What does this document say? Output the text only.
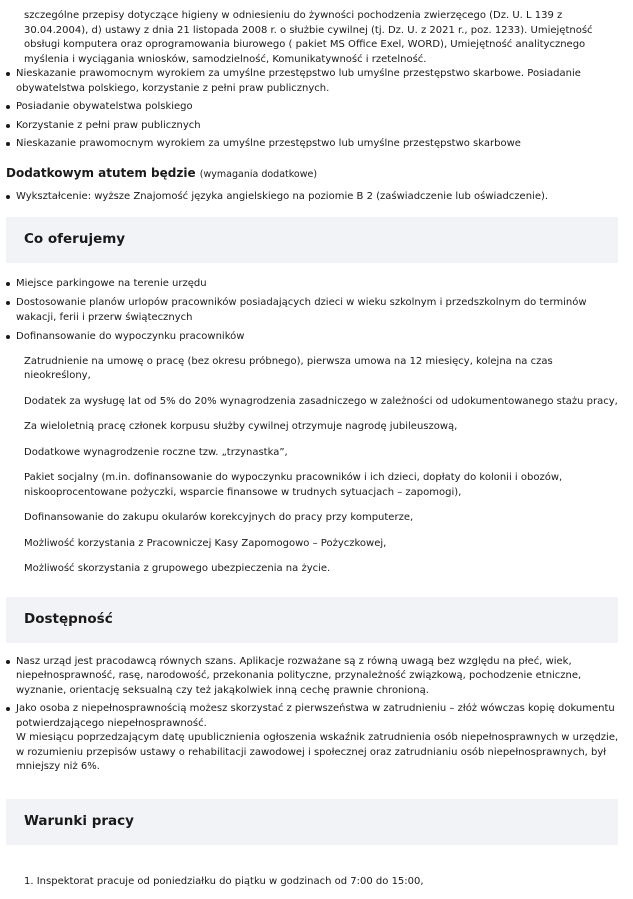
szczególne przepisy dotyczące higieny w odniesieniu do żywności pochodzenia zwierzęcego (Dz. U. L 139 z 30.04.2004), d) ustawy z dnia 21 listopada 2008 r. o służbie cywilnej (tj. Dz. U. z 2021 r., poz. 1233). Umiejętność obsługi komputera oraz oprogramowania biurowego ( pakiet MS Office Exel, WORD), Umiejętność analitycznego myślenia i wyciągania wniosków, samodzielność, Komunikatywność i rzetelność.
Nieskazanie prawomocnym wyrokiem za umyślne przestępstwo lub umyślne przestępstwo skarbowe. Posiadanie obywatelstwa polskiego, korzystanie z pełni praw publicznych.
Posiadanie obywatelstwa polskiego
Korzystanie z pełni praw publicznych
Nieskazanie prawomocnym wyrokiem za umyślne przestępstwo lub umyślne przestępstwo skarbowe
Dodatkowym atutem będzie (wymagania dodatkowe)
Wykształcenie: wyższe Znajomość języka angielskiego na poziomie B 2 (zaświadczenie lub oświadczenie).
Co oferujemy
Miejsce parkingowe na terenie urzędu
Dostosowanie planów urlopów pracowników posiadających dzieci w wieku szkolnym i przedszkolnym do terminów wakacji, ferii i przerw świątecznych
Dofinansowanie do wypoczynku pracowników

Zatrudnienie na umowę o pracę (bez okresu próbnego), pierwsza umowa na 12 miesięcy, kolejna na czas nieokreślony,

Dodatek za wysługę lat od 5% do 20% wynagrodzenia zasadniczego w zależności od udokumentowanego stażu pracy,

Za wieloletnią pracę członek korpusu służby cywilnej otrzymuje nagrodę jubileuszową,

Dodatkowe wynagrodzenie roczne tzw. „trzynastka”,

Pakiet socjalny (m.in. dofinansowanie do wypoczynku pracowników i ich dzieci, dopłaty do kolonii i obozów, niskooprocentowane pożyczki, wsparcie finansowe w trudnych sytuacjach – zapomogi),

Dofinansowanie do zakupu okularów korekcyjnych do pracy przy komputerze,

Możliwość korzystania z Pracowniczej Kasy Zapomogowo – Pożyczkowej,

Możliwość skorzystania z grupowego ubezpieczenia na życie.

Dostępność
Nasz urząd jest pracodawcą równych szans. Aplikacje rozważane są z równą uwagą bez względu na płeć, wiek, niepełnosprawność, rasę, narodowość, przekonania polityczne, przynależność związkową, pochodzenie etniczne, wyznanie, orientację seksualną czy też jakąkolwiek inną cechę prawnie chronioną.
Jako osoba z niepełnosprawnością możesz skorzystać z pierwszeństwa w zatrudnieniu – złóż wówczas kopię dokumentu potwierdzającego niepełnosprawność.
W miesiącu poprzedzającym datę upublicznienia ogłoszenia wskaźnik zatrudnienia osób niepełnosprawnych w urzędzie, w rozumieniu przepisów ustawy o rehabilitacji zawodowej i społecznej oraz zatrudnianiu osób niepełnosprawnych, był mniejszy niż 6%.
Warunki pracy
1. Inspektorat pracuje od poniedziałku do piątku w godzinach od 7:00 do 15:00,
